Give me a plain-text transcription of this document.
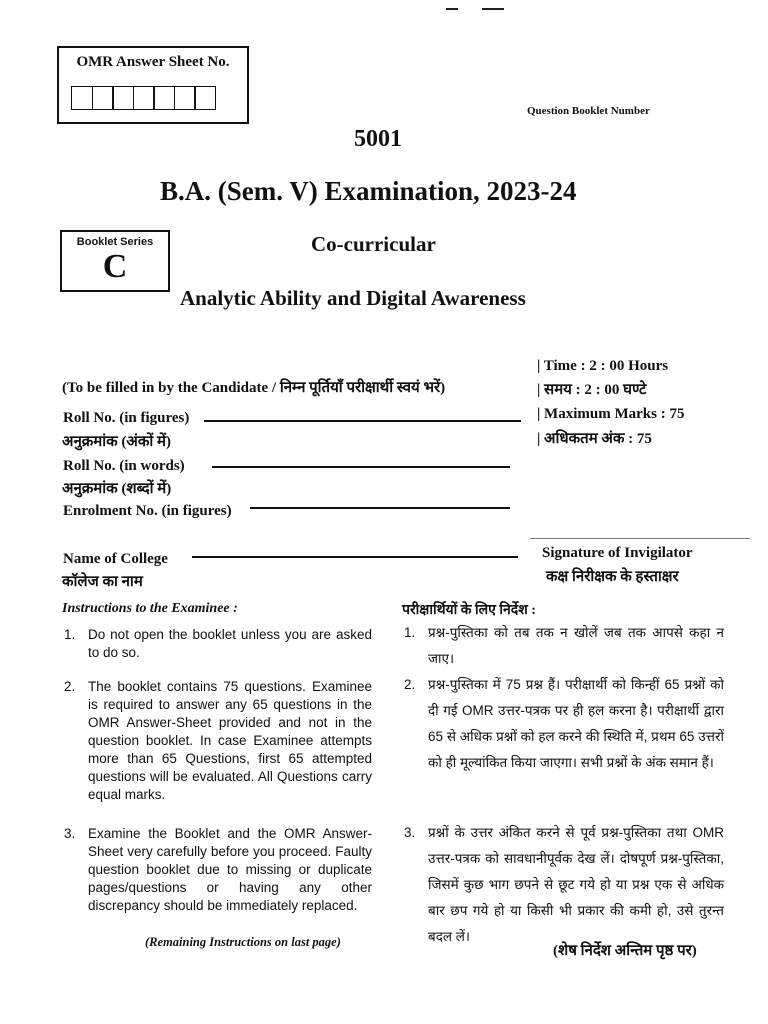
OMR Answer Sheet No.
Question Booklet Number
5001
B.A. (Sem. V) Examination, 2023-24
Booklet Series
C
Co-curricular
Analytic Ability and Digital Awareness
| Time : 2 : 00 Hours
| समय : 2 : 00 घण्टे
| Maximum Marks : 75
| अधिकतम अंक : 75
(To be filled in by the Candidate / निम्न पूर्तियाँ परीक्षार्थी स्वयं भरें)
Roll No. (in figures)
अनुक्रमांक (अंकों में)
Roll No. (in words)
अनुक्रमांक (शब्दों में)
Enrolment No. (in figures)
Name of College
कॉलेज का नाम
Signature of Invigilator
कक्ष निरीक्षक के हस्ताक्षर
Instructions to the Examinee :	परीक्षार्थियों के लिए निर्देश :
1. Do not open the booklet unless you are asked to do so.
2. The booklet contains 75 questions. Examinee is required to answer any 65 questions in the OMR Answer-Sheet provided and not in the question booklet. In case Examinee attempts more than 65 Questions, first 65 attempted questions will be evaluated. All Questions carry equal marks.
3. Examine the Booklet and the OMR Answer-Sheet very carefully before you proceed. Faulty question booklet due to missing or duplicate pages/questions or having any other discrepancy should be immediately replaced.
1. प्रश्न-पुस्तिका को तब तक न खोलें जब तक आपसे कहा न जाए।
2. प्रश्न-पुस्तिका में 75 प्रश्न हैं। परीक्षार्थी को किन्हीं 65 प्रश्नों को दी गई OMR उत्तर-पत्रक पर ही हल करना है। परीक्षार्थी द्वारा 65 से अधिक प्रश्नों को हल करने की स्थिति में, प्रथम 65 उत्तरों को ही मूल्यांकित किया जाएगा। सभी प्रश्नों के अंक समान हैं।
3. प्रश्नों के उत्तर अंकित करने से पूर्व प्रश्न-पुस्तिका तथा OMR उत्तर-पत्रक को सावधानीपूर्वक देख लें। दोषपूर्ण प्रश्न-पुस्तिका, जिसमें कुछ भाग छपने से छूट गये हो या प्रश्न एक से अधिक बार छप गये हो या किसी भी प्रकार की कमी हो, उसे तुरन्त बदल लें।
(Remaining Instructions on last page)
(शेष निर्देश अन्तिम पृष्ठ पर)
